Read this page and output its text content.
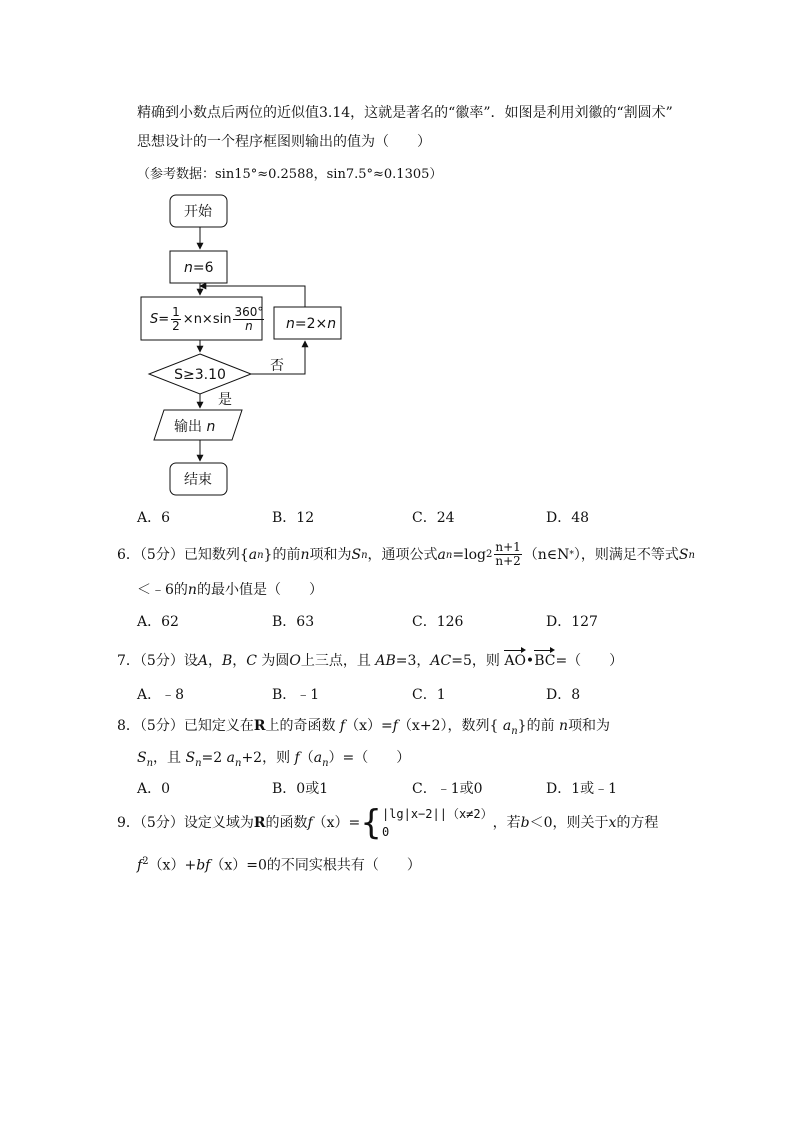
精确到小数点后两位的近似值3.14，这就是著名的“徽率”．如图是利用刘徽的“割圆术”
思想设计的一个程序框图则输出的值为（　　）
（参考数据：sin15°≈0.2588，sin7.5°≈0.1305）
开始
n=6
n=2×n
S≥3.10
否
是
输出 n
结束
$S= \frac{1}{2} \times n\times\sin \frac{360^\circ}{n}$
A．6	B．12	C．24	D．48
6．（5分）已知数列{ a n }的前 n 项和为 S n ，通项公式 a n =log $2 \frac{n+1}{n+2}$ （n∈N * ），则满足不等式 S n
＜﹣6的n的最小值是（　　）
A．62	B．63	C．126	D．127
7．（5分）设A，B，C 为圆O上三点，且 AB=3，AC=5，则 AO•BC=（　　）
A．﹣8	B．﹣1	C．1	D．8
8．（5分）已知定义在R上的奇函数 f（x）=f（x+2），数列{ $a_n$}的前 n项和为
$S_n$，且 $S_n=2$ $a_n+2$，则 $f(a_n)=$（　　）
A．0	B．0或1	C．﹣1或0	D．1或﹣1
9．（5分）设定义域为 R 的函数 f （x）= { |lg|x−2||（x≠2）
0
，若 b ＜0，则关于 x 的方程
$f^2(x)+bf(x)=0$的不同实根共有（　　）
